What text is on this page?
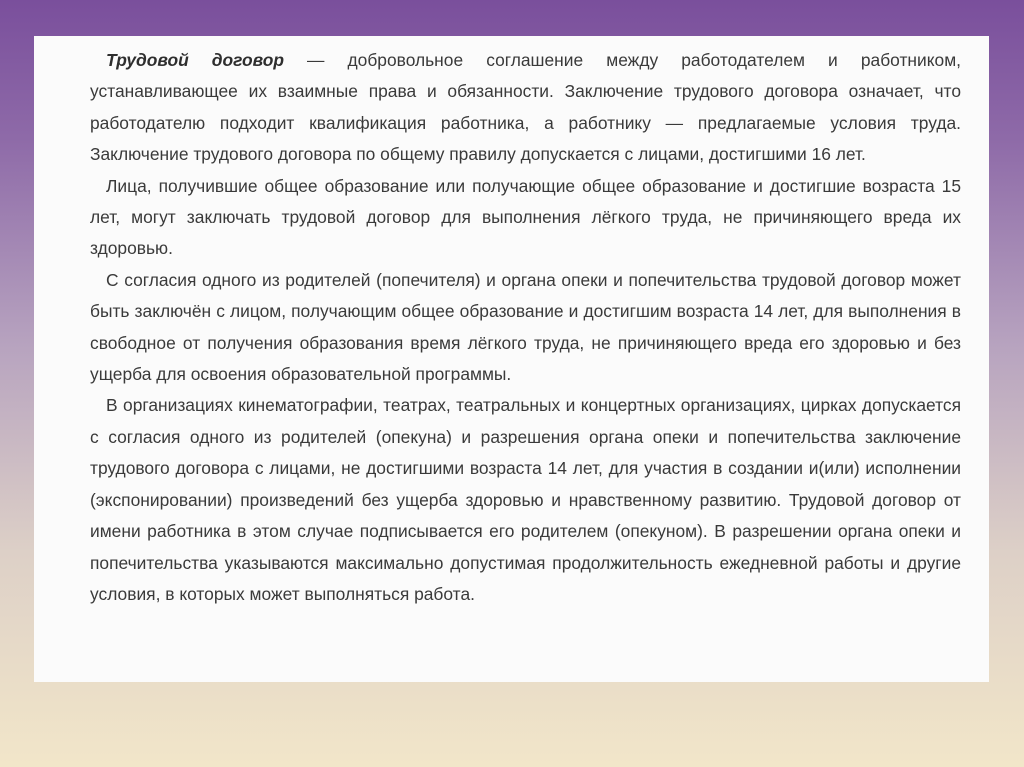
Трудовой договор — добровольное соглашение между работодателем и работником, устанавливающее их взаимные права и обязанности. Заключение трудового договора означает, что работодателю подходит квалификация работника, а работнику — предлагаемые условия труда. Заключение трудового договора по общему правилу допускается с лицами, достигшими 16 лет.

Лица, получившие общее образование или получающие общее образование и достигшие возраста 15 лет, могут заключать трудовой договор для выполнения лёгкого труда, не причиняющего вреда их здоровью.

С согласия одного из родителей (попечителя) и органа опеки и попечительства трудовой договор может быть заключён с лицом, получающим общее образование и достигшим возраста 14 лет, для выполнения в свободное от получения образования время лёгкого труда, не причиняющего вреда его здоровью и без ущерба для освоения образовательной программы.

В организациях кинематографии, театрах, театральных и концертных организациях, цирках допускается с согласия одного из родителей (опекуна) и разрешения органа опеки и попечительства заключение трудового договора с лицами, не достигшими возраста 14 лет, для участия в создании и(или) исполнении (экспонировании) произведений без ущерба здоровью и нравственному развитию. Трудовой договор от имени работника в этом случае подписывается его родителем (опекуном). В разрешении органа опеки и попечительства указываются максимально допустимая продолжительность ежедневной работы и другие условия, в которых может выполняться работа.
